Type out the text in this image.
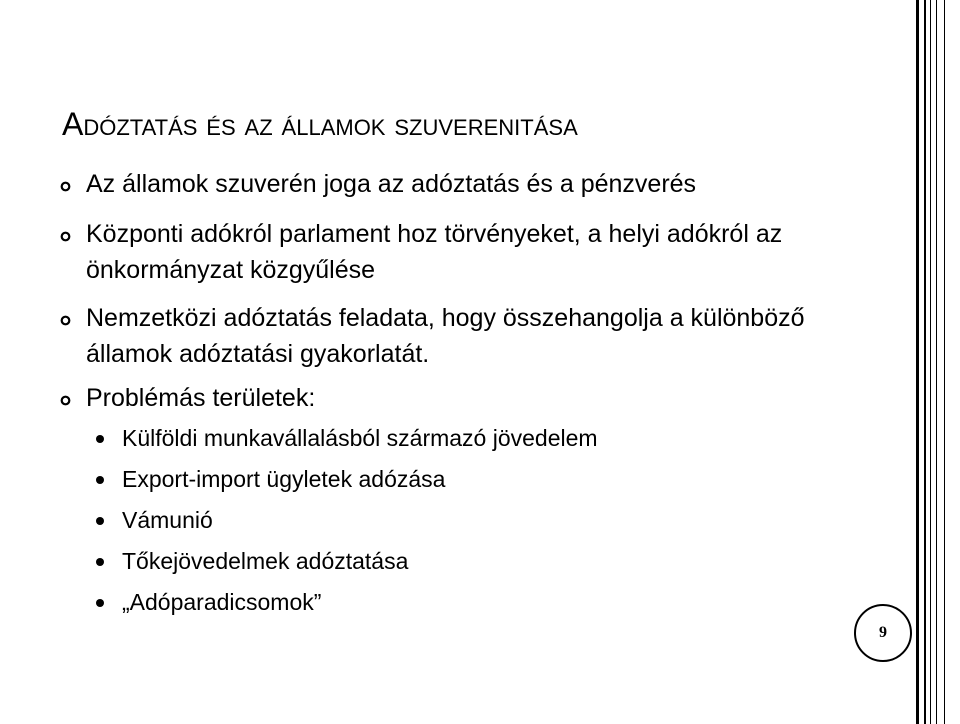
Adóztatás és az államok szuverenitása
Az államok szuverén joga az adóztatás és a pénzverés
Központi adókról parlament hoz törvényeket, a helyi adókról az önkormányzat közgyűlése
Nemzetközi adóztatás feladata, hogy összehangolja a különböző államok adóztatási gyakorlatát.
Problémás területek:
Külföldi munkavállalásból származó jövedelem
Export-import ügyletek adózása
Vámunió
Tőkejövedelmek adóztatása
„Adóparadicsomok”
9
